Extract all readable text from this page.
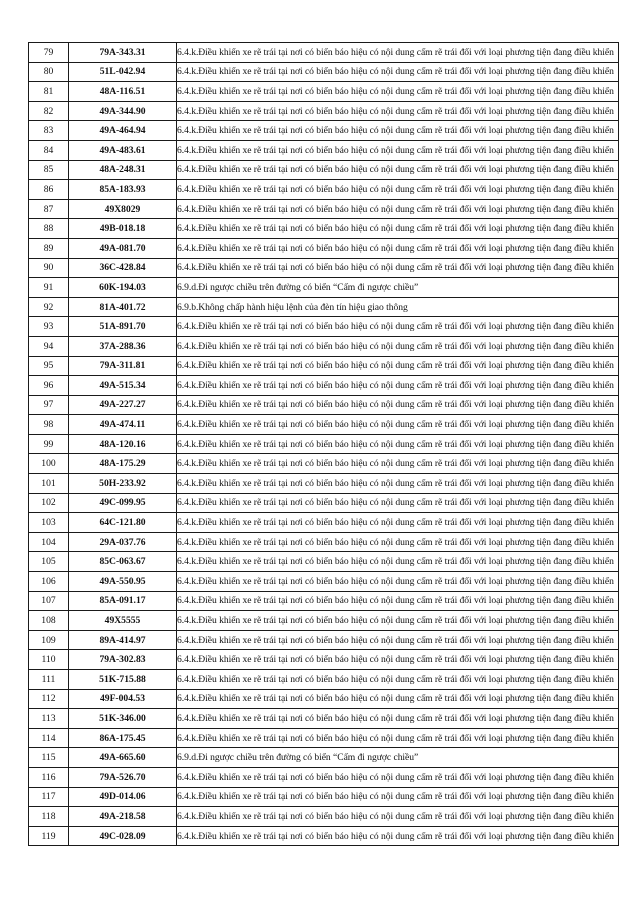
79	79A-343.31	6.4.k.Điều khiển xe rẽ trái tại nơi có biển báo hiệu có nội dung cấm rẽ trái đối với loại phương tiện đang điều khiển
80	51L-042.94	6.4.k.Điều khiển xe rẽ trái tại nơi có biển báo hiệu có nội dung cấm rẽ trái đối với loại phương tiện đang điều khiển
81	48A-116.51	6.4.k.Điều khiển xe rẽ trái tại nơi có biển báo hiệu có nội dung cấm rẽ trái đối với loại phương tiện đang điều khiển
82	49A-344.90	6.4.k.Điều khiển xe rẽ trái tại nơi có biển báo hiệu có nội dung cấm rẽ trái đối với loại phương tiện đang điều khiển
83	49A-464.94	6.4.k.Điều khiển xe rẽ trái tại nơi có biển báo hiệu có nội dung cấm rẽ trái đối với loại phương tiện đang điều khiển
84	49A-483.61	6.4.k.Điều khiển xe rẽ trái tại nơi có biển báo hiệu có nội dung cấm rẽ trái đối với loại phương tiện đang điều khiển
85	48A-248.31	6.4.k.Điều khiển xe rẽ trái tại nơi có biển báo hiệu có nội dung cấm rẽ trái đối với loại phương tiện đang điều khiển
86	85A-183.93	6.4.k.Điều khiển xe rẽ trái tại nơi có biển báo hiệu có nội dung cấm rẽ trái đối với loại phương tiện đang điều khiển
87	49X8029	6.4.k.Điều khiển xe rẽ trái tại nơi có biển báo hiệu có nội dung cấm rẽ trái đối với loại phương tiện đang điều khiển
88	49B-018.18	6.4.k.Điều khiển xe rẽ trái tại nơi có biển báo hiệu có nội dung cấm rẽ trái đối với loại phương tiện đang điều khiển
89	49A-081.70	6.4.k.Điều khiển xe rẽ trái tại nơi có biển báo hiệu có nội dung cấm rẽ trái đối với loại phương tiện đang điều khiển
90	36C-428.84	6.4.k.Điều khiển xe rẽ trái tại nơi có biển báo hiệu có nội dung cấm rẽ trái đối với loại phương tiện đang điều khiển
91	60K-194.03	6.9.d.Đi ngược chiều trên đường có biển “Cấm đi ngược chiều”
92	81A-401.72	6.9.b.Không chấp hành hiệu lệnh của đèn tín hiệu giao thông
93	51A-891.70	6.4.k.Điều khiển xe rẽ trái tại nơi có biển báo hiệu có nội dung cấm rẽ trái đối với loại phương tiện đang điều khiển
94	37A-288.36	6.4.k.Điều khiển xe rẽ trái tại nơi có biển báo hiệu có nội dung cấm rẽ trái đối với loại phương tiện đang điều khiển
95	79A-311.81	6.4.k.Điều khiển xe rẽ trái tại nơi có biển báo hiệu có nội dung cấm rẽ trái đối với loại phương tiện đang điều khiển
96	49A-515.34	6.4.k.Điều khiển xe rẽ trái tại nơi có biển báo hiệu có nội dung cấm rẽ trái đối với loại phương tiện đang điều khiển
97	49A-227.27	6.4.k.Điều khiển xe rẽ trái tại nơi có biển báo hiệu có nội dung cấm rẽ trái đối với loại phương tiện đang điều khiển
98	49A-474.11	6.4.k.Điều khiển xe rẽ trái tại nơi có biển báo hiệu có nội dung cấm rẽ trái đối với loại phương tiện đang điều khiển
99	48A-120.16	6.4.k.Điều khiển xe rẽ trái tại nơi có biển báo hiệu có nội dung cấm rẽ trái đối với loại phương tiện đang điều khiển
100	48A-175.29	6.4.k.Điều khiển xe rẽ trái tại nơi có biển báo hiệu có nội dung cấm rẽ trái đối với loại phương tiện đang điều khiển
101	50H-233.92	6.4.k.Điều khiển xe rẽ trái tại nơi có biển báo hiệu có nội dung cấm rẽ trái đối với loại phương tiện đang điều khiển
102	49C-099.95	6.4.k.Điều khiển xe rẽ trái tại nơi có biển báo hiệu có nội dung cấm rẽ trái đối với loại phương tiện đang điều khiển
103	64C-121.80	6.4.k.Điều khiển xe rẽ trái tại nơi có biển báo hiệu có nội dung cấm rẽ trái đối với loại phương tiện đang điều khiển
104	29A-037.76	6.4.k.Điều khiển xe rẽ trái tại nơi có biển báo hiệu có nội dung cấm rẽ trái đối với loại phương tiện đang điều khiển
105	85C-063.67	6.4.k.Điều khiển xe rẽ trái tại nơi có biển báo hiệu có nội dung cấm rẽ trái đối với loại phương tiện đang điều khiển
106	49A-550.95	6.4.k.Điều khiển xe rẽ trái tại nơi có biển báo hiệu có nội dung cấm rẽ trái đối với loại phương tiện đang điều khiển
107	85A-091.17	6.4.k.Điều khiển xe rẽ trái tại nơi có biển báo hiệu có nội dung cấm rẽ trái đối với loại phương tiện đang điều khiển
108	49X5555	6.4.k.Điều khiển xe rẽ trái tại nơi có biển báo hiệu có nội dung cấm rẽ trái đối với loại phương tiện đang điều khiển
109	89A-414.97	6.4.k.Điều khiển xe rẽ trái tại nơi có biển báo hiệu có nội dung cấm rẽ trái đối với loại phương tiện đang điều khiển
110	79A-302.83	6.4.k.Điều khiển xe rẽ trái tại nơi có biển báo hiệu có nội dung cấm rẽ trái đối với loại phương tiện đang điều khiển
111	51K-715.88	6.4.k.Điều khiển xe rẽ trái tại nơi có biển báo hiệu có nội dung cấm rẽ trái đối với loại phương tiện đang điều khiển
112	49F-004.53	6.4.k.Điều khiển xe rẽ trái tại nơi có biển báo hiệu có nội dung cấm rẽ trái đối với loại phương tiện đang điều khiển
113	51K-346.00	6.4.k.Điều khiển xe rẽ trái tại nơi có biển báo hiệu có nội dung cấm rẽ trái đối với loại phương tiện đang điều khiển
114	86A-175.45	6.4.k.Điều khiển xe rẽ trái tại nơi có biển báo hiệu có nội dung cấm rẽ trái đối với loại phương tiện đang điều khiển
115	49A-665.60	6.9.d.Đi ngược chiều trên đường có biển “Cấm đi ngược chiều”
116	79A-526.70	6.4.k.Điều khiển xe rẽ trái tại nơi có biển báo hiệu có nội dung cấm rẽ trái đối với loại phương tiện đang điều khiển
117	49D-014.06	6.4.k.Điều khiển xe rẽ trái tại nơi có biển báo hiệu có nội dung cấm rẽ trái đối với loại phương tiện đang điều khiển
118	49A-218.58	6.4.k.Điều khiển xe rẽ trái tại nơi có biển báo hiệu có nội dung cấm rẽ trái đối với loại phương tiện đang điều khiển
119	49C-028.09	6.4.k.Điều khiển xe rẽ trái tại nơi có biển báo hiệu có nội dung cấm rẽ trái đối với loại phương tiện đang điều khiển
